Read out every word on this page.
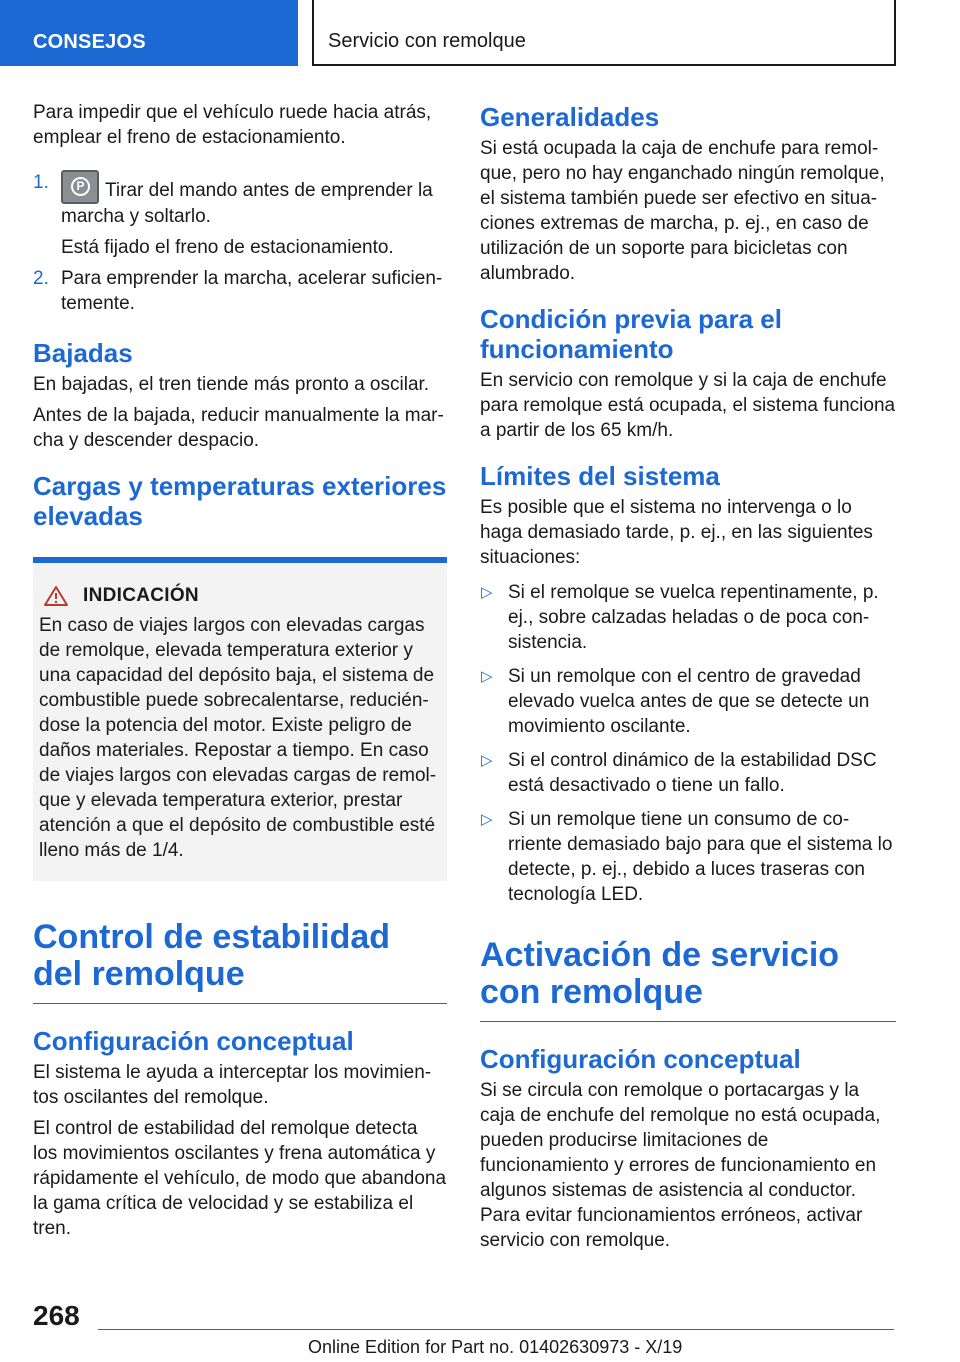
CONSEJOS	Servicio con remolque

Para impedir que el vehículo ruede hacia atrás, emplear el freno de estacionamiento.

1.	P Tirar del mando antes de emprender la marcha y soltarlo.

Está fijado el freno de estacionamiento.

2. Para emprender la marcha, acelerar suficientemente.
Bajadas

En bajadas, el tren tiende más pronto a oscilar.

Antes de la bajada, reducir manualmente la marcha y descender despacio.

Cargas y temperaturas exteriores elevadas
INDICACIÓN

En caso de viajes largos con elevadas cargas de remolque, elevada temperatura exterior y una capacidad del depósito baja, el sistema de combustible puede sobrecalentarse, reduciéndose la potencia del motor. Existe peligro de daños materiales. Repostar a tiempo. En caso de viajes largos con elevadas cargas de remolque y elevada temperatura exterior, prestar atención a que el depósito de combustible esté lleno más de 1/4.

Control de estabilidad del remolque
Configuración conceptual

El sistema le ayuda a interceptar los movimientos oscilantes del remolque.

El control de estabilidad del remolque detecta los movimientos oscilantes y frena automática y rápidamente el vehículo, de modo que abandona la gama crítica de velocidad y se estabiliza el tren.

Generalidades

Si está ocupada la caja de enchufe para remolque, pero no hay enganchado ningún remolque, el sistema también puede ser efectivo en situaciones extremas de marcha, p. ej., en caso de utilización de un soporte para bicicletas con alumbrado.

Condición previa para el funcionamiento

En servicio con remolque y si la caja de enchufe para remolque está ocupada, el sistema funciona a partir de los 65 km/h.

Límites del sistema

Es posible que el sistema no intervenga o lo haga demasiado tarde, p. ej., en las siguientes situaciones:

▷ Si el remolque se vuelca repentinamente, p. ej., sobre calzadas heladas o de poca consistencia.
▷ Si un remolque con el centro de gravedad elevado vuelca antes de que se detecte un movimiento oscilante.
▷ Si el control dinámico de la estabilidad DSC está desactivado o tiene un fallo.
▷ Si un remolque tiene un consumo de corriente demasiado bajo para que el sistema lo detecte, p. ej., debido a luces traseras con tecnología LED.
Activación de servicio con remolque
Configuración conceptual

Si se circula con remolque o portacargas y la caja de enchufe del remolque no está ocupada, pueden producirse limitaciones de funcionamiento y errores de funcionamiento en algunos sistemas de asistencia al conductor. Para evitar funcionamientos erróneos, activar servicio con remolque.

268
Online Edition for Part no. 01402630973 - X/19
